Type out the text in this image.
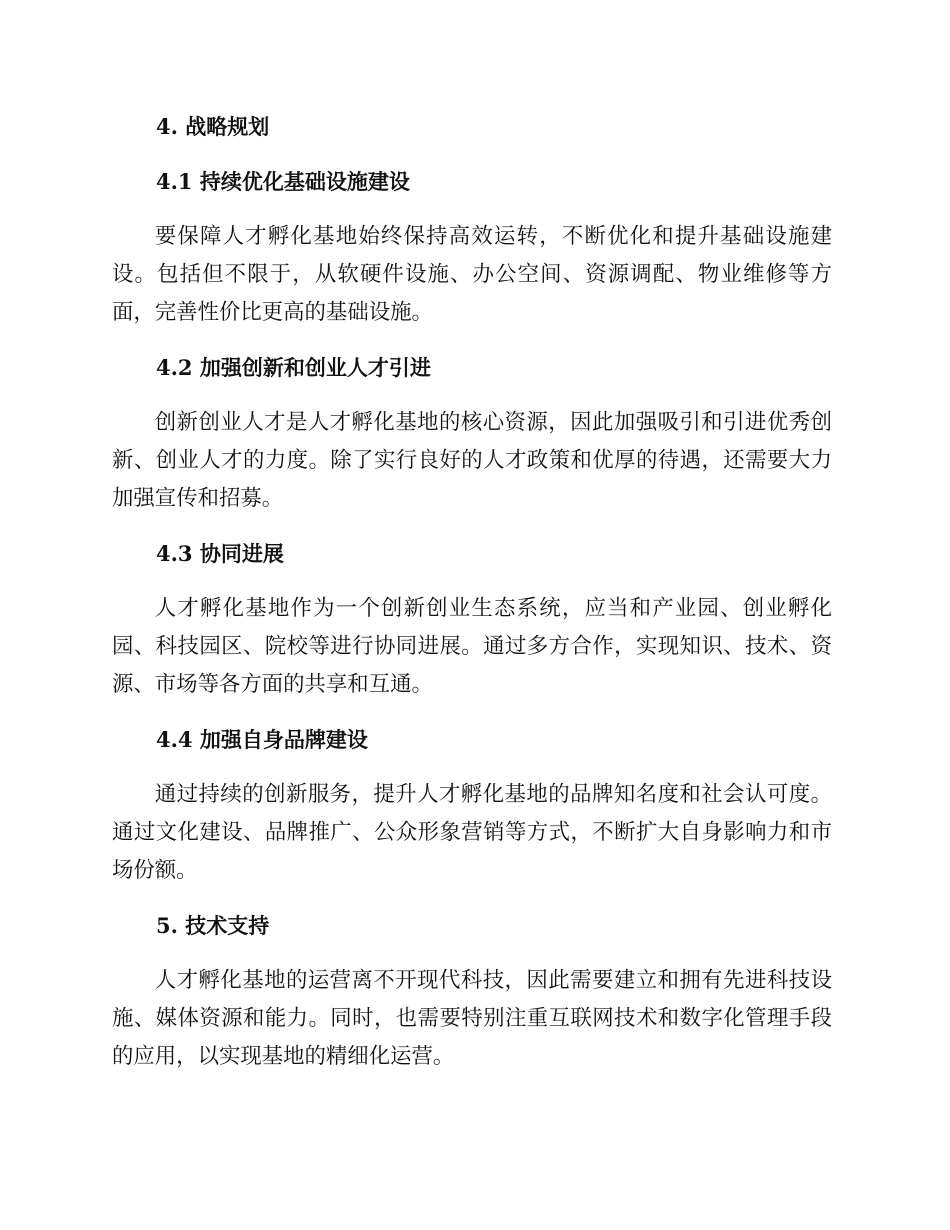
4. 战略规划
4.1 持续优化基础设施建设

要保障人才孵化基地始终保持高效运转，不断优化和提升基础设施建设。包括但不限于，从软硬件设施、办公空间、资源调配、物业维修等方面，完善性价比更高的基础设施。

4.2 加强创新和创业人才引进

创新创业人才是人才孵化基地的核心资源，因此加强吸引和引进优秀创新、创业人才的力度。除了实行良好的人才政策和优厚的待遇，还需要大力加强宣传和招募。

4.3 协同进展

人才孵化基地作为一个创新创业生态系统，应当和产业园、创业孵化园、科技园区、院校等进行协同进展。通过多方合作，实现知识、技术、资源、市场等各方面的共享和互通。

4.4 加强自身品牌建设

通过持续的创新服务，提升人才孵化基地的品牌知名度和社会认可度。通过文化建设、品牌推广、公众形象营销等方式，不断扩大自身影响力和市场份额。

5. 技术支持

人才孵化基地的运营离不开现代科技，因此需要建立和拥有先进科技设施、媒体资源和能力。同时，也需要特别注重互联网技术和数字化管理手段的应用，以实现基地的精细化运营。
